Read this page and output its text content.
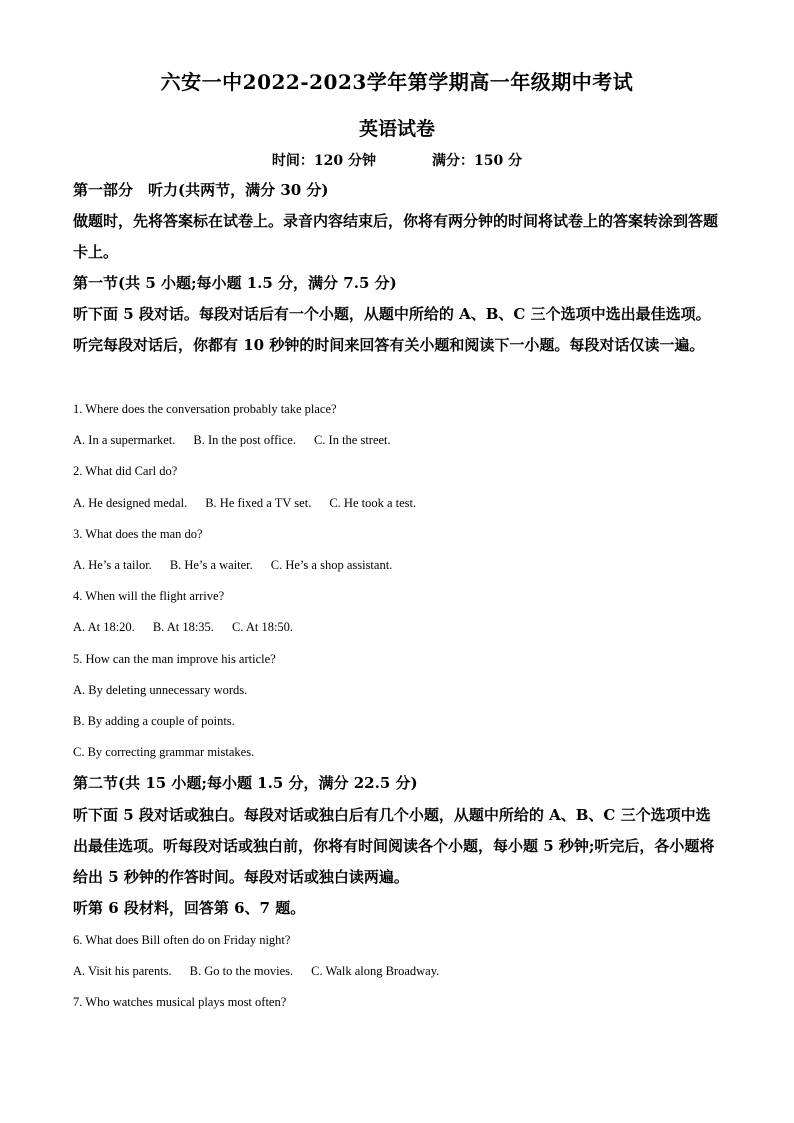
六安一中2022-2023学年第学期高一年级期中考试
英语试卷
时间：120 分钟	满分：150 分

第一部分　听力(共两节，满分 30 分)

做题时，先将答案标在试卷上。录音内容结束后，你将有两分钟的时间将试卷上的答案转涂到答题卡上。

第一节(共 5 小题;每小题 1.5 分，满分 7.5 分)

听下面 5 段对话。每段对话后有一个小题，从题中所给的 A、B、C 三个选项中选出最佳选项。听完每段对话后，你都有 10 秒钟的时间来回答有关小题和阅读下一小题。每段对话仅读一遍。

1. Where does the conversation probably take place?
A. In a supermarket. B. In the post office. C. In the street.
2. What did Carl do?
A. He designed medal. B. He fixed a TV set. C. He took a test.
3. What does the man do?
A. He’s a tailor. B. He’s a waiter. C. He’s a shop assistant.
4. When will the flight arrive?
A. At 18:20. B. At 18:35. C. At 18:50.
5. How can the man improve his article?
A. By deleting unnecessary words.
B. By adding a couple of points.
C. By correcting grammar mistakes.

第二节(共 15 小题;每小题 1.5 分，满分 22.5 分)

听下面 5 段对话或独白。每段对话或独白后有几个小题，从题中所给的 A、B、C 三个选项中选出最佳选项。听每段对话或独白前，你将有时间阅读各个小题，每小题 5 秒钟;听完后，各小题将给出 5 秒钟的作答时间。每段对话或独白读两遍。

听第 6 段材料，回答第 6、7 题。

6. What does Bill often do on Friday night?
A. Visit his parents. B. Go to the movies. C. Walk along Broadway.
7. Who watches musical plays most often?
